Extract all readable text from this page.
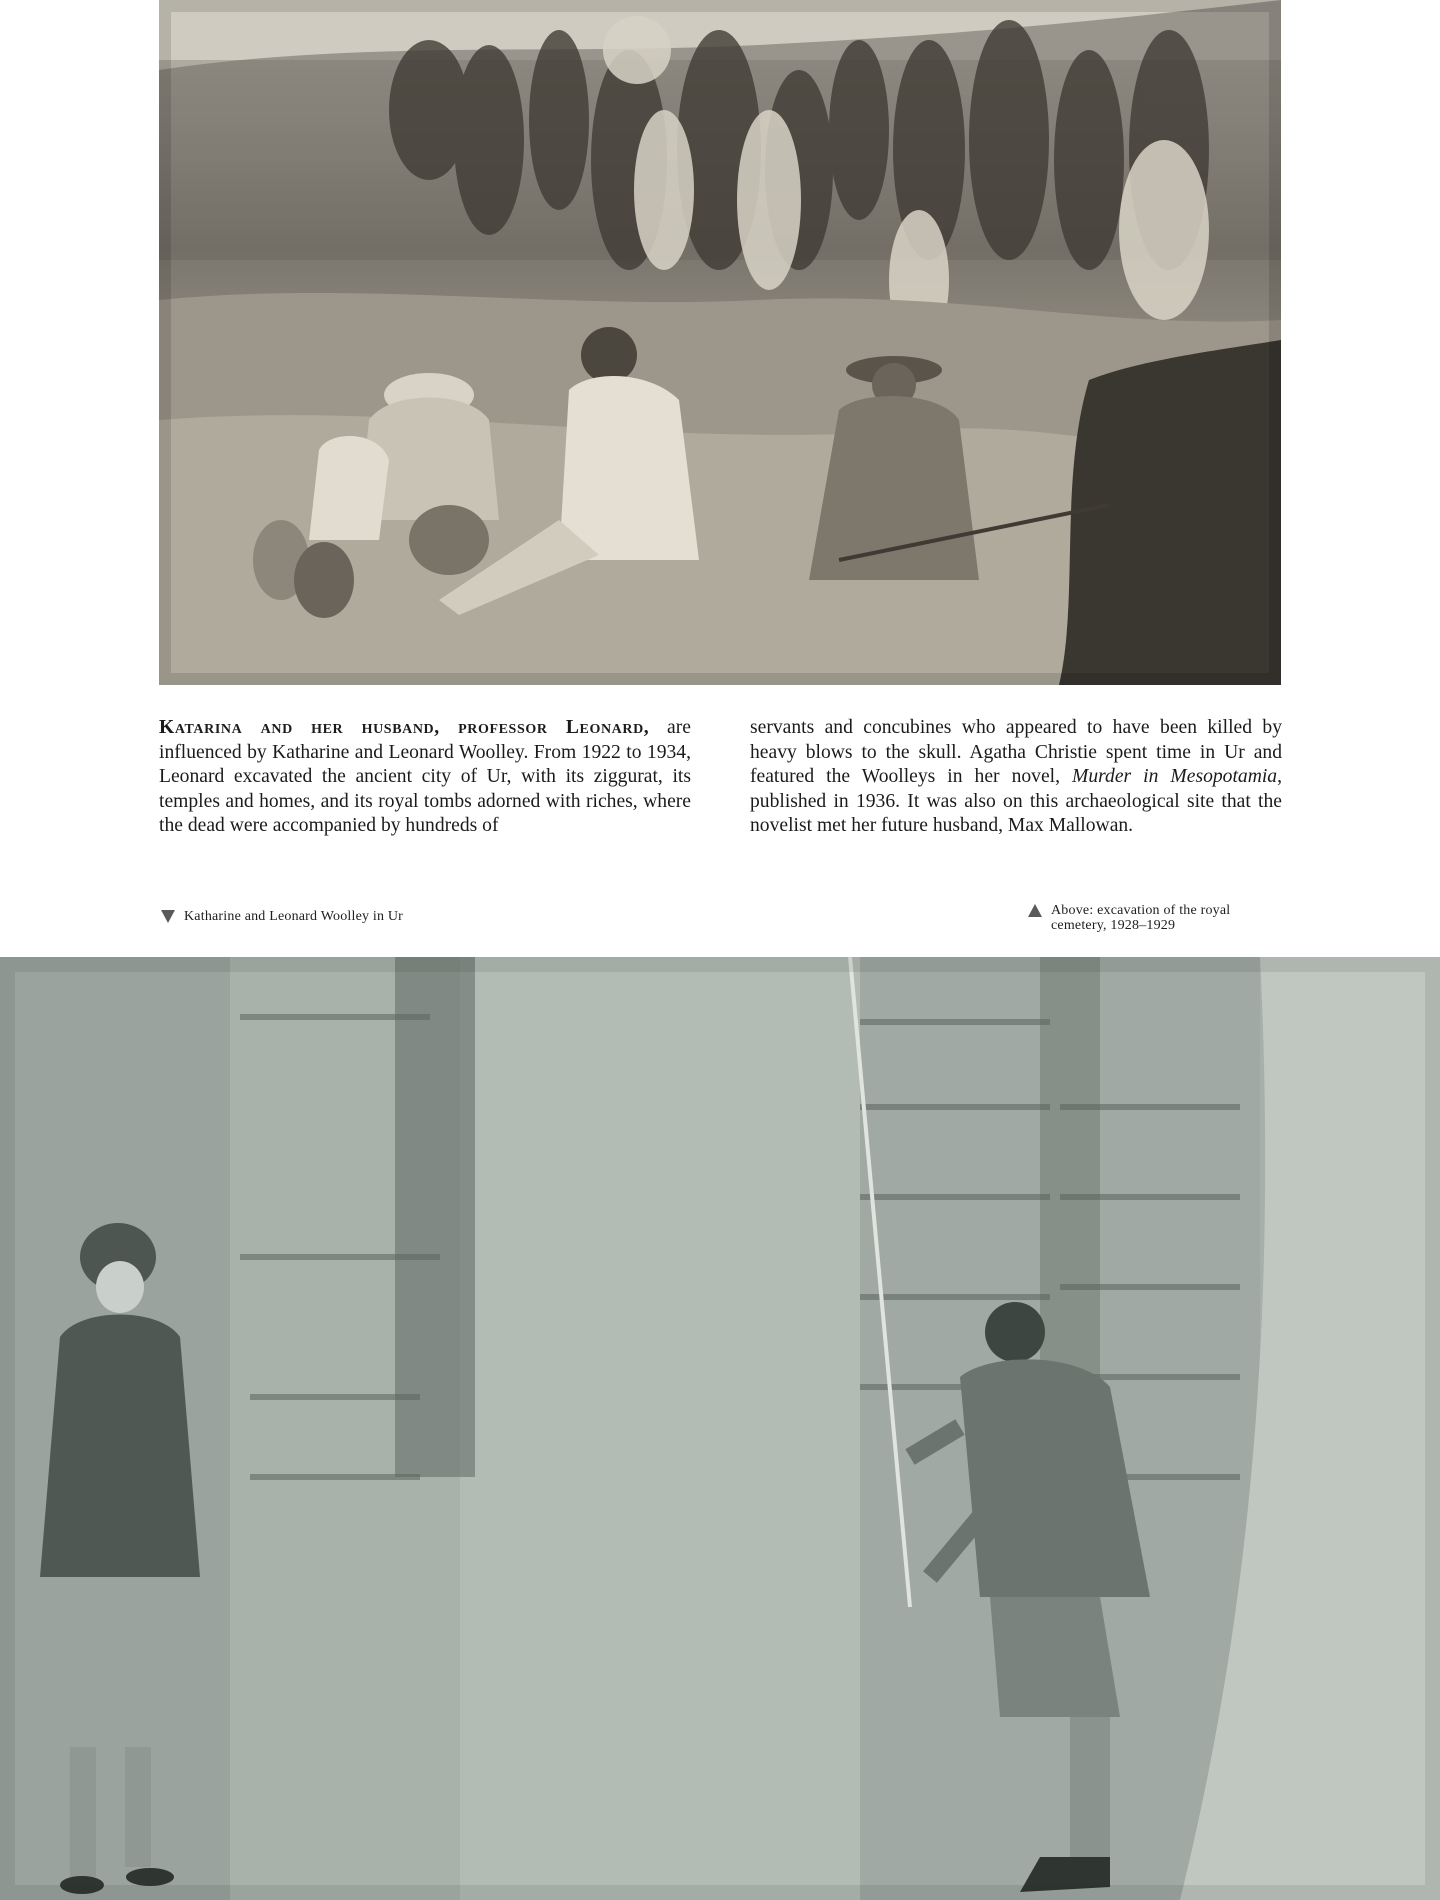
Katarina and her husband, professor Leonard, are influenced by Katharine and Leonard Woolley. From 1922 to 1934, Leonard excavated the ancient city of Ur, with its ziggurat, its temples and homes, and its royal tombs adorned with riches, where the dead were accompanied by hundreds of

servants and concubines who appeared to have been killed by heavy blows to the skull. Agatha Christie spent time in Ur and featured the Woolleys in her novel, Murder in Mesopotamia, published in 1936. It was also on this archaeological site that the novelist met her future husband, Max Mallowan.

Katharine and Leonard Woolley in Ur	Above: excavation of the royal
cemetery, 1928–1929
